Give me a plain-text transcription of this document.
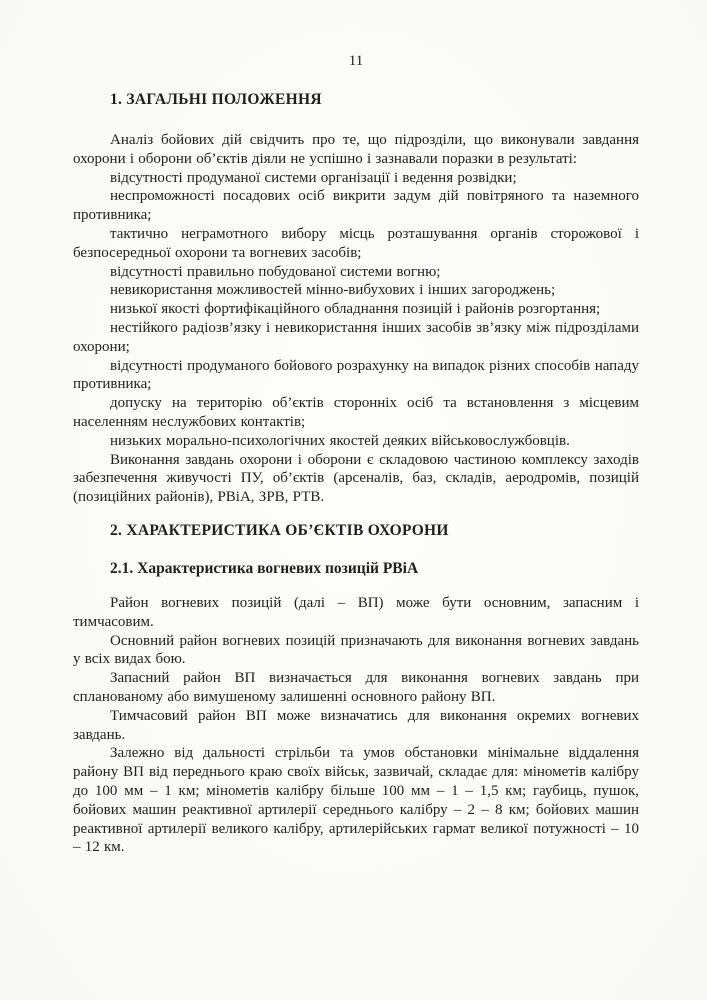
11
1. ЗАГАЛЬНІ ПОЛОЖЕННЯ

Аналіз бойових дій свідчить про те, що підрозділи, що виконували завдання охорони і оборони об’єктів діяли не успішно і зазнавали поразки в результаті:

відсутності продуманої системи організації і ведення розвідки;

неспроможності посадових осіб викрити задум дій повітряного та наземного противника;

тактично неграмотного вибору місць розташування органів сторожової і безпосередньої охорони та вогневих засобів;

відсутності правильно побудованої системи вогню;

невикористання можливостей мінно-вибухових і інших загороджень;

низької якості фортифікаційного обладнання позицій і районів розгортання;

нестійкого радіозв’язку і невикористання інших засобів зв’язку між підрозділами охорони;

відсутності продуманого бойового розрахунку на випадок різних способів нападу противника;

допуску на територію об’єктів сторонніх осіб та встановлення з місцевим населенням неслужбових контактів;

низьких морально-психологічних якостей деяких військовослужбовців.

Виконання завдань охорони і оборони є складовою частиною комплексу заходів забезпечення живучості ПУ, об’єктів (арсеналів, баз, складів, аеродромів, позицій (позиційних районів), РВіА, ЗРВ, РТВ.

2. ХАРАКТЕРИСТИКА ОБ’ЄКТІВ ОХОРОНИ
2.1. Характеристика вогневих позицій РВіА

Район вогневих позицій (далі – ВП) може бути основним, запасним і тимчасовим.

Основний район вогневих позицій призначають для виконання вогневих завдань у всіх видах бою.

Запасний район ВП визначається для виконання вогневих завдань при спланованому або вимушеному залишенні основного району ВП.

Тимчасовий район ВП може визначатись для виконання окремих вогневих завдань.

Залежно від дальності стрільби та умов обстановки мінімальне віддалення району ВП від переднього краю своїх військ, зазвичай, складає для: мінометів калібру до 100 мм – 1 км; мінометів калібру більше 100 мм – 1 – 1,5 км; гаубиць, пушок, бойових машин реактивної артилерії середнього калібру – 2 – 8 км; бойових машин реактивної артилерії великого калібру, артилерійських гармат великої потужності – 10 – 12 км.
